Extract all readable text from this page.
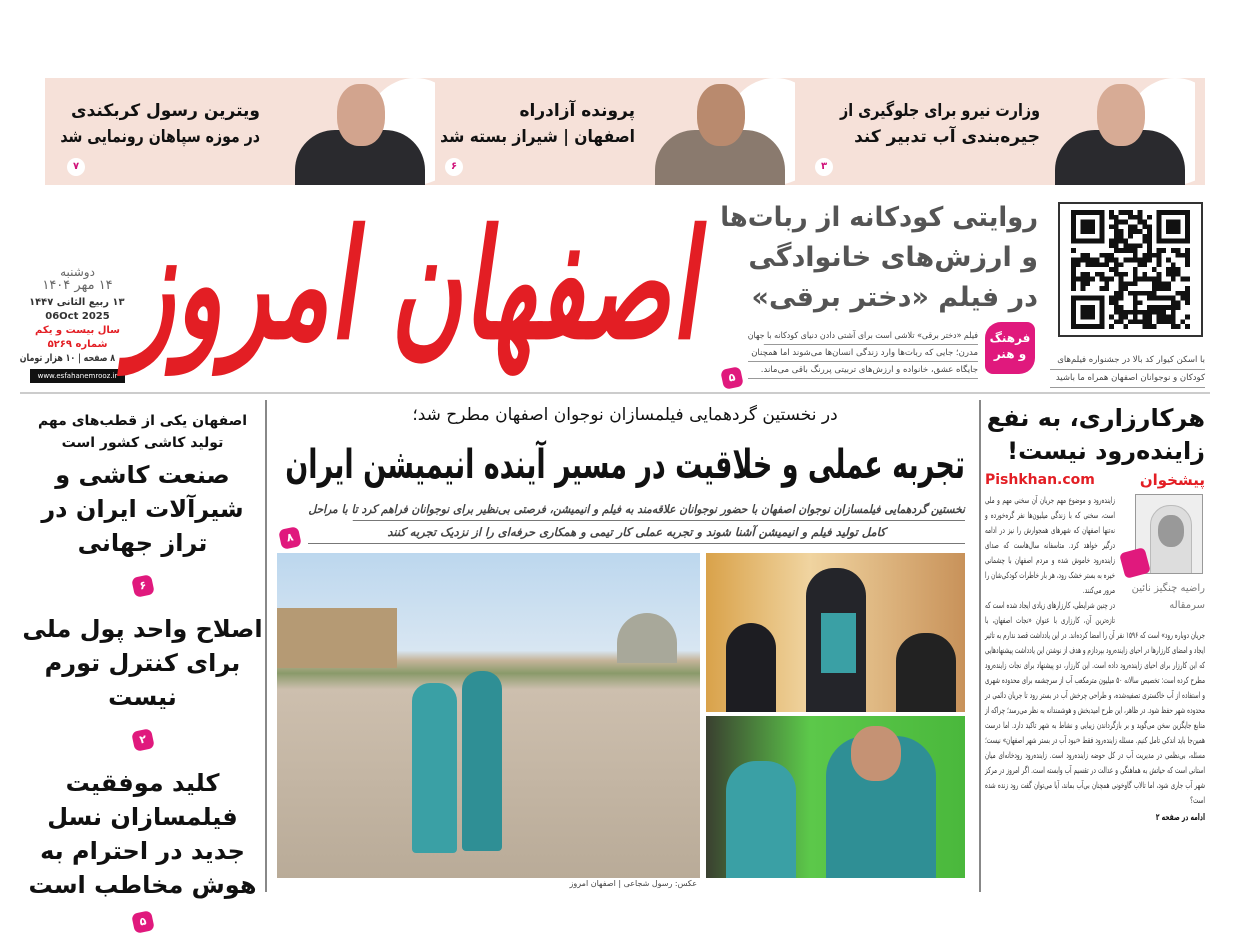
وزارت نیرو برای جلوگیری از
جیره‌بندی آب تدبیر کند
۳
پرونده آزادراه
اصفهان | شیراز بسته شد
۶
ویترین رسول کربکندی
در موزه سپاهان رونمایی شد
۷
دوشنبه
۱۴ مهر ۱۴۰۴
۱۳ ربیع الثانی ۱۴۴۷
06Oct 2025
سال بیست و یکم
شماره ۵۲۶۹
۸ صفحه | ۱۰ هزار تومان
www.esfahanemrooz.ir
اصفهان امروز روایتی کودکانه از ربات‌ها
و ارزش‌های خانوادگی
در فیلم «دختر برقی»
فرهنگ و هنر
فیلم «دختر برقی» تلاشی است برای آشتی دادن دنیای کودکانه با جهان
مدرن؛ جایی که ربات‌ها وارد زندگی انسان‌ها می‌شوند اما همچنان
جایگاه عشق، خانواده و ارزش‌های تربیتی پررنگ باقی می‌ماند.
۵
با اسکن کیوار کد بالا در جشنواره فیلم‌های
کودکان و نوجوانان اصفهان همراه ما باشید
اصفهان یکی از قطب‌های مهم تولید کاشی کشور است
صنعت کاشی و شیرآلات ایران در تراز جهانی
۶
اصلاح واحد پول ملی برای کنترل تورم نیست
۲
کلید موفقیت فیلمسازان نسل جدید در احترام به هوش مخاطب است
۵
در نخستین گردهمایی فیلمسازان نوجوان اصفهان مطرح شد؛
تجربه عملی و خلاقیت در مسیر آینده انیمیشن ایران
نخستین گردهمایی فیلمسازان نوجوان اصفهان با حضور نوجوانان علاقه‌مند به فیلم و انیمیشن، فرصتی بی‌نظیر برای نوجوانان فراهم کرد تا با مراحل
کامل تولید فیلم و انیمیشن آشنا شوند و تجربه عملی کار تیمی و همکاری حرفه‌ای را از نزدیک تجربه کنند
۸
عکس: رسول شجاعی | اصفهان امروز
هرکارزاری، به نفع زاینده‌رود نیست!
پیشخوان
Pishkhan.com
راضیه چنگیز نائین
سرمقاله

زاینده‌رود و موضوع مهم جریان آن سخنی مهم و ملی است، سخنی که با زندگی میلیون‌ها نفر گره‌خورده و نه‌تنها اصفهان که شهرهای همجوارش را نیز در ادامه درگیر خواهد کرد. متاسفانه سال‌هاست که صدای زاینده‌رود خاموش شده و مردم اصفهان با چشمانی خیره به بستر خشک رود، هر بار خاطرات کودکی‌شان را مرور می‌کنند.

در چنین شرایطی، کارزارهای زیادی ایجاد شده است که تازه‌ترین آن، کارزاری با عنوان «نجات اصفهان، با جریان دوباره رود» است که ۱۵۹۶ نفر آن را امضا کرده‌اند. در این یادداشت قصد ندارم به تاثیر ایجاد و امضای کارزارها در احیای زاینده‌رود بپردازم و هدف از نوشتن این یادداشت پیشنهادهایی که این کارزار برای احیای زاینده‌رود داده است. این کارزار، دو پیشنهاد برای نجات زاینده‌رود مطرح کرده است: تخصیص سالانه ۵۰ میلیون مترمکعب آب از سرچشمه برای محدوده شهری و استفاده از آب خاکستری تصفیه‌شده، و طراحی چرخش آب در بستر رود تا جریان دائمی در محدوده شهر حفظ شود. در ظاهر، این طرح امیدبخش و هوشمندانه به نظر می‌رسد؛ چراکه از منابع جایگزین سخن می‌گوید و بر بازگرداندن زیبایی و نشاط به شهر تاکید دارد. اما درست همین‌جا باید اندکی تامل کنیم. مسئله زاینده‌رود فقط «نبود آب در بستر شهر اصفهان» نیست؛ مسئله، بی‌نظمی در مدیریت آب در کل حوضه زاینده‌رود است. زاینده‌رود رودخانه‌ای میان استانی است که حیاتش به هماهنگی و عدالت در تقسیم آب وابسته است. اگر امروز در مرکز شهر آب جاری شود، اما تالاب گاوخونی همچنان بی‌آب بماند، آیا می‌توان گفت رود زنده شده است؟

ادامه در صفحه ۲
